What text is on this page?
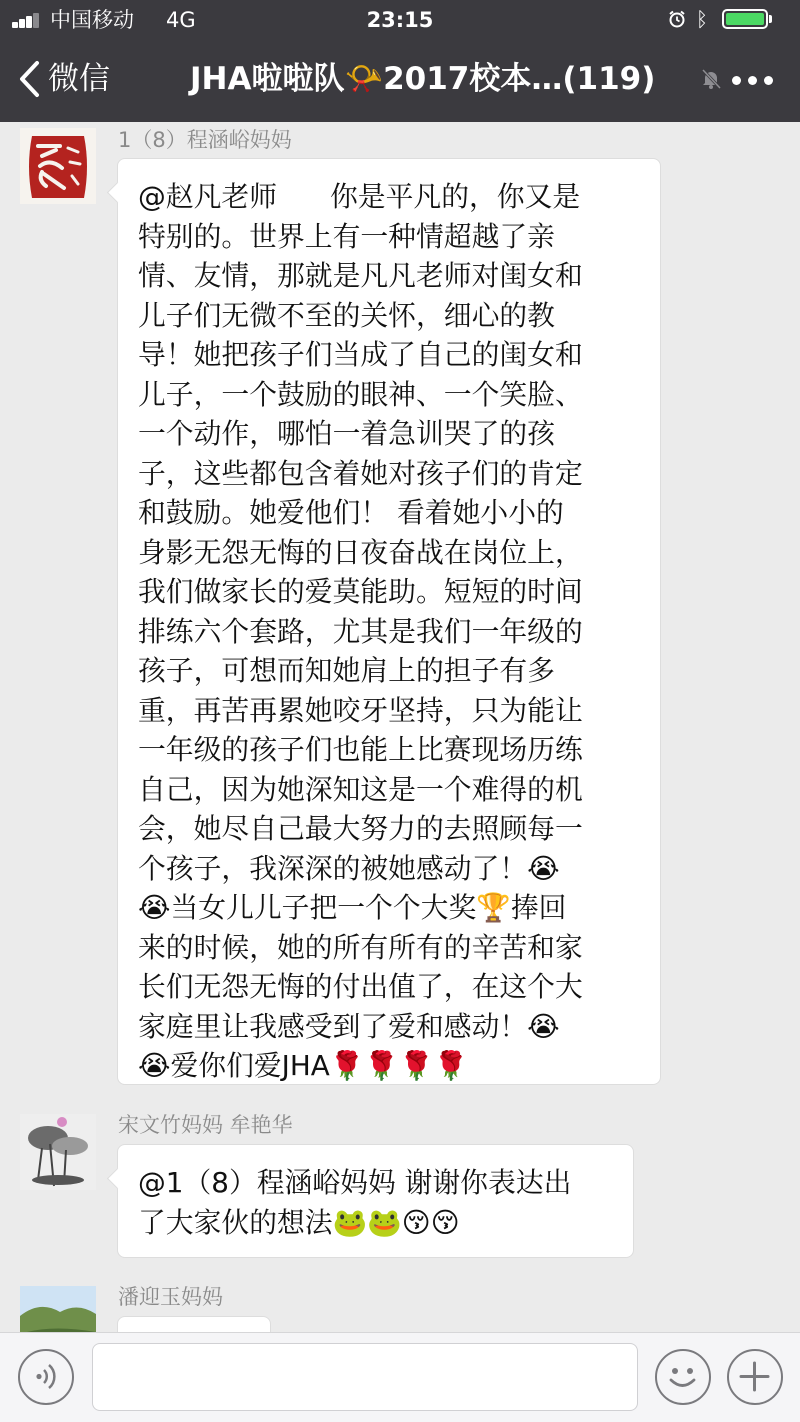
中国移动 4G	23:15	ᛒ
微信	JHA啦啦队📯2017校本…(119)
1（8）程涵峪妈妈
@赵凡老师      你是平凡的，你又是
特别的。世界上有一种情超越了亲
情、友情，那就是凡凡老师对闺女和
儿子们无微不至的关怀，细心的教
导！她把孩子们当成了自己的闺女和
儿子，一个鼓励的眼神、一个笑脸、
一个动作，哪怕一着急训哭了的孩
子，这些都包含着她对孩子们的肯定
和鼓励。她爱他们！ 看着她小小的
身影无怨无悔的日夜奋战在岗位上，
我们做家长的爱莫能助。短短的时间
排练六个套路，尤其是我们一年级的
孩子，可想而知她肩上的担子有多
重，再苦再累她咬牙坚持，只为能让
一年级的孩子们也能上比赛现场历练
自己，因为她深知这是一个难得的机
会，她尽自己最大努力的去照顾每一
个孩子，我深深的被她感动了！😭
😭当女儿儿子把一个个大奖🏆捧回
来的时候，她的所有所有的辛苦和家
长们无怨无悔的付出值了，在这个大
家庭里让我感受到了爱和感动！😭
😭爱你们爱JHA🌹🌹🌹🌹
宋文竹妈妈 牟艳华
@1（8）程涵峪妈妈 谢谢你表达出
了大家伙的想法🐸🐸😚😚
潘迎玉妈妈
